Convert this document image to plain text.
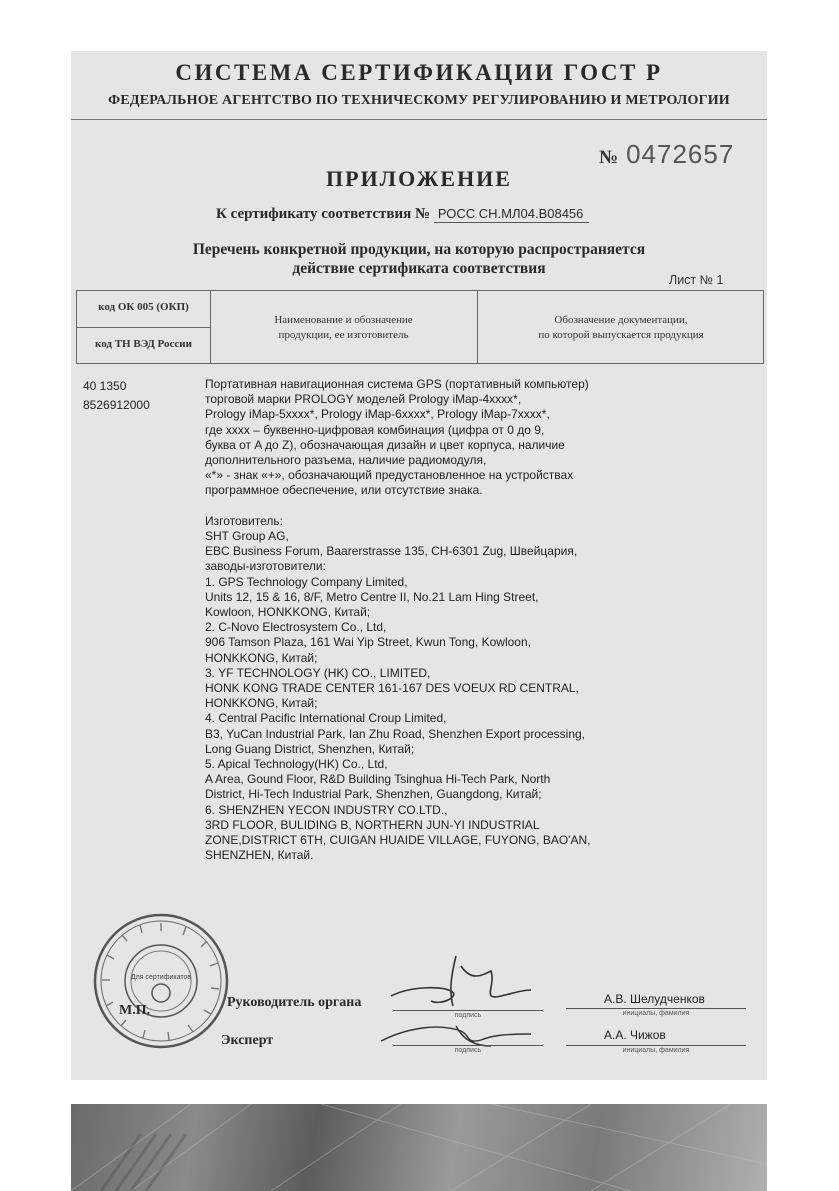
СИСТЕМА СЕРТИФИКАЦИИ ГОСТ Р
ФЕДЕРАЛЬНОЕ АГЕНТСТВО ПО ТЕХНИЧЕСКОМУ РЕГУЛИРОВАНИЮ И МЕТРОЛОГИИ
№ 0472657
ПРИЛОЖЕНИЕ
К сертификату соответствия № РОСС CH.МЛ04.В08456
Перечень конкретной продукции, на которую распространяется
действие сертификата соответствия
Лист № 1
код ОК 005 (ОКП)
код ТН ВЭД России
Наименование и обозначение
продукции, ее изготовитель
Обозначение документации,
по которой выпускается продукция
40 1350
8526912000
Портативная навигационная система GPS (портативный компьютер)
торговой марки PROLOGY моделей Prology iMap-4xxxx*,
Prology iMap-5xxxx*, Prology iMap-6xxxx*, Prology iMap-7xxxx*,
где xxxx – буквенно-цифровая комбинация (цифра от 0 до 9,
буква от A до Z), обозначающая дизайн и цвет корпуса, наличие
дополнительного разъема, наличие радиомодуля,
«*» - знак «+», обозначающий предустановленное на устройствах
программное обеспечение, или отсутствие знака.

Изготовитель:
SHT Group AG,
EBC Business Forum, Baarerstrasse 135, CH-6301 Zug, Швейцария,
заводы-изготовители:
1. GPS Technology Company Limited,
Units 12, 15 & 16, 8/F, Metro Centre II, No.21 Lam Hing Street,
Kowloon, HONKKONG, Китай;
2. C-Novo Electrosystem Co., Ltd,
906 Tamson Plaza, 161 Wai Yip Street, Kwun Tong, Kowloon,
HONKKONG, Китай;
3. YF TECHNOLOGY (HK) CO., LIMITED,
HONK KONG TRADE CENTER 161-167 DES VOEUX RD CENTRAL,
HONKKONG, Китай;
4. Central Pacific International Croup Limited,
B3, YuCan Industrial Park, Ian Zhu Road, Shenzhen Export processing,
Long Guang District, Shenzhen, Китай;
5. Apical Technology(HK) Co., Ltd,
A Area, Gound Floor, R&D Building Tsinghua Hi-Tech Park, North
District, Hi-Tech Industrial Park, Shenzhen, Guangdong, Китай;
6. SHENZHEN YECON INDUSTRY CO.LTD.,
3RD FLOOR, BULIDING B, NORTHERN JUN-YI INDUSTRIAL
ZONE,DISTRICT 6TH, CUIGAN HUAIDE VILLAGE, FUYONG, BAO'AN,
SHENZHEN, Китай.
Для сертификатов
М.П.
Руководитель органа
Эксперт
подпись
подпись
А.В. Шелудченков
инициалы, фамилия
А.А. Чижов
инициалы, фамилия
